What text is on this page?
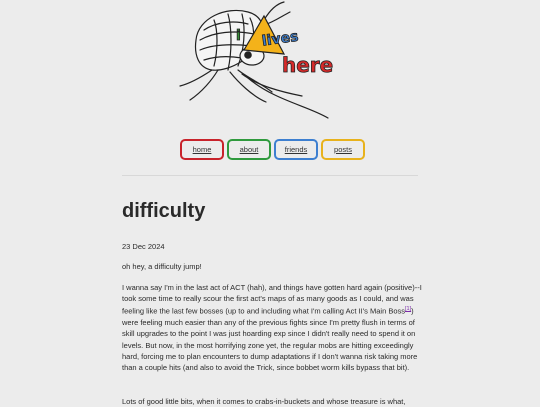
i lives
here
home	about	friends	posts
difficulty
23 Dec 2024

oh hey, a difficulty jump!

I wanna say I'm in the last act of ACT (hah), and things have gotten hard again (positive)--I took some time to really scour the first act's maps of as many goods as I could, and was feeling like the last few bosses (up to and including what I'm calling Act II's Main Boss[1]) were feeling much easier than any of the previous fights since I'm pretty flush in terms of skill upgrades to the point I was just hoarding exp since I didn't really need to spend it on levels. But now, in the most horrifying zone yet, the regular mobs are hitting exceedingly hard, forcing me to plan encounters to dump adaptations if I don't wanna risk taking more than a couple hits (and also to avoid the Trick, since bobbet worm kills bypass that bit).

Lots of good little bits, when it comes to crabs-in-buckets and whose treasure is what,
